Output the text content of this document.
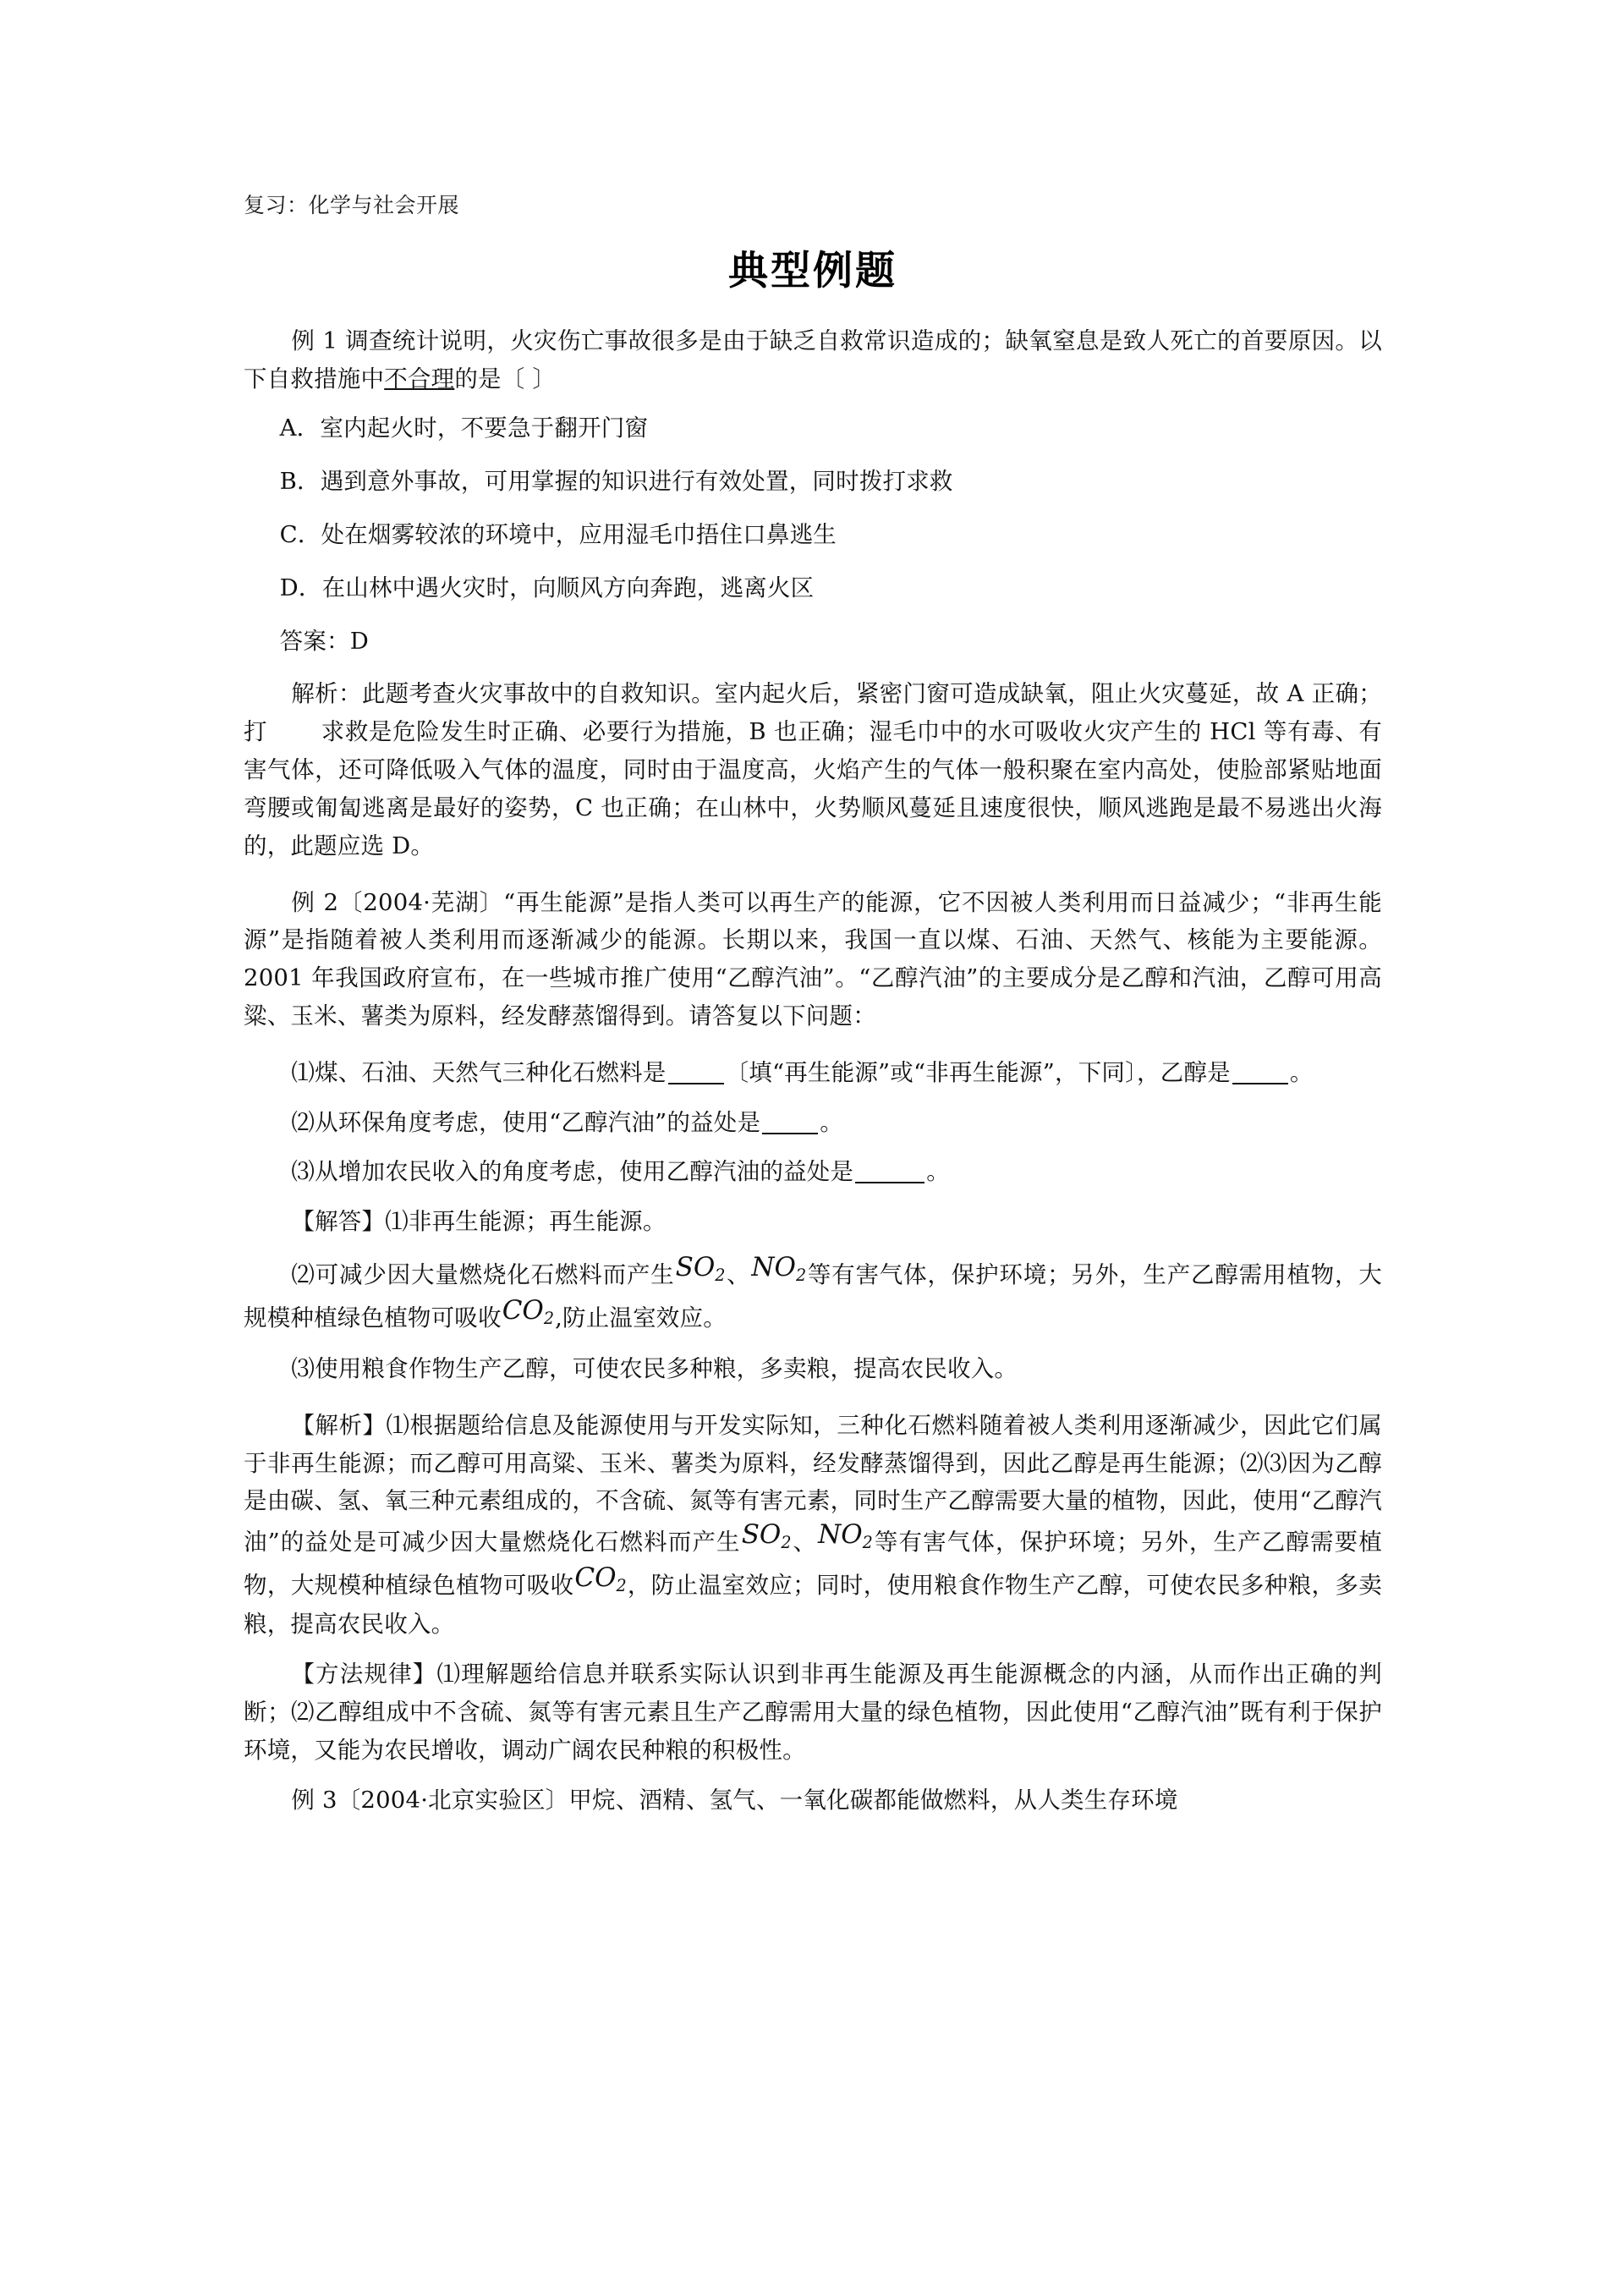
复习：化学与社会开展
典型例题

例 1 调查统计说明，火灾伤亡事故很多是由于缺乏自救常识造成的；缺氧窒息是致人死亡的首要原因。以下自救措施中不合理的是〔 〕

A．室内起火时，不要急于翻开门窗

B．遇到意外事故，可用掌握的知识进行有效处置，同时拨打求救

C．处在烟雾较浓的环境中，应用湿毛巾捂住口鼻逃生

D．在山林中遇火灾时，向顺风方向奔跑，逃离火区

答案：D

解析：此题考查火灾事故中的自救知识。室内起火后，紧密门窗可造成缺氧，阻止火灾蔓延，故 A 正确；打 求救是危险发生时正确、必要行为措施，B 也正确；湿毛巾中的水可吸收火灾产生的 HCl 等有毒、有害气体，还可降低吸入气体的温度，同时由于温度高，火焰产生的气体一般积聚在室内高处，使脸部紧贴地面弯腰或匍匐逃离是最好的姿势，C 也正确；在山林中，火势顺风蔓延且速度很快，顺风逃跑是最不易逃出火海的，此题应选 D。

例 2〔2004·芜湖〕“再生能源”是指人类可以再生产的能源，它不因被人类利用而日益减少；“非再生能源”是指随着被人类利用而逐渐减少的能源。长期以来，我国一直以煤、石油、天然气、核能为主要能源。2001 年我国政府宣布，在一些城市推广使用“乙醇汽油”。“乙醇汽油”的主要成分是乙醇和汽油，乙醇可用高粱、玉米、薯类为原料，经发酵蒸馏得到。请答复以下问题：

⑴煤、石油、天然气三种化石燃料是	〔填“再生能源”或“非再生能源”，下同〕，乙醇是	。

⑵从环保角度考虑，使用“乙醇汽油”的益处是	。

⑶从增加农民收入的角度考虑，使用乙醇汽油的益处是	。

【解答】⑴非再生能源；再生能源。

⑵可减少因大量燃烧化石燃料而产生$SO_2$、$NO_2$等有害气体，保护环境；另外，生产乙醇需用植物，大规模种植绿色植物可吸收$CO_2$,防止温室效应。

⑶使用粮食作物生产乙醇，可使农民多种粮，多卖粮，提高农民收入。

【解析】⑴根据题给信息及能源使用与开发实际知，三种化石燃料随着被人类利用逐渐减少，因此它们属于非再生能源；而乙醇可用高粱、玉米、薯类为原料，经发酵蒸馏得到，因此乙醇是再生能源；⑵⑶因为乙醇是由碳、氢、氧三种元素组成的，不含硫、氮等有害元素，同时生产乙醇需要大量的植物，因此，使用“乙醇汽油”的益处是可减少因大量燃烧化石燃料而产生$SO_2$、$NO_2$等有害气体，保护环境；另外，生产乙醇需要植物，大规模种植绿色植物可吸收$CO_2$，防止温室效应；同时，使用粮食作物生产乙醇，可使农民多种粮，多卖粮，提高农民收入。

【方法规律】⑴理解题给信息并联系实际认识到非再生能源及再生能源概念的内涵，从而作出正确的判断；⑵乙醇组成中不含硫、氮等有害元素且生产乙醇需用大量的绿色植物，因此使用“乙醇汽油”既有利于保护环境，又能为农民增收，调动广阔农民种粮的积极性。

例 3〔2004·北京实验区〕甲烷、酒精、氢气、一氧化碳都能做燃料，从人类生存环境
